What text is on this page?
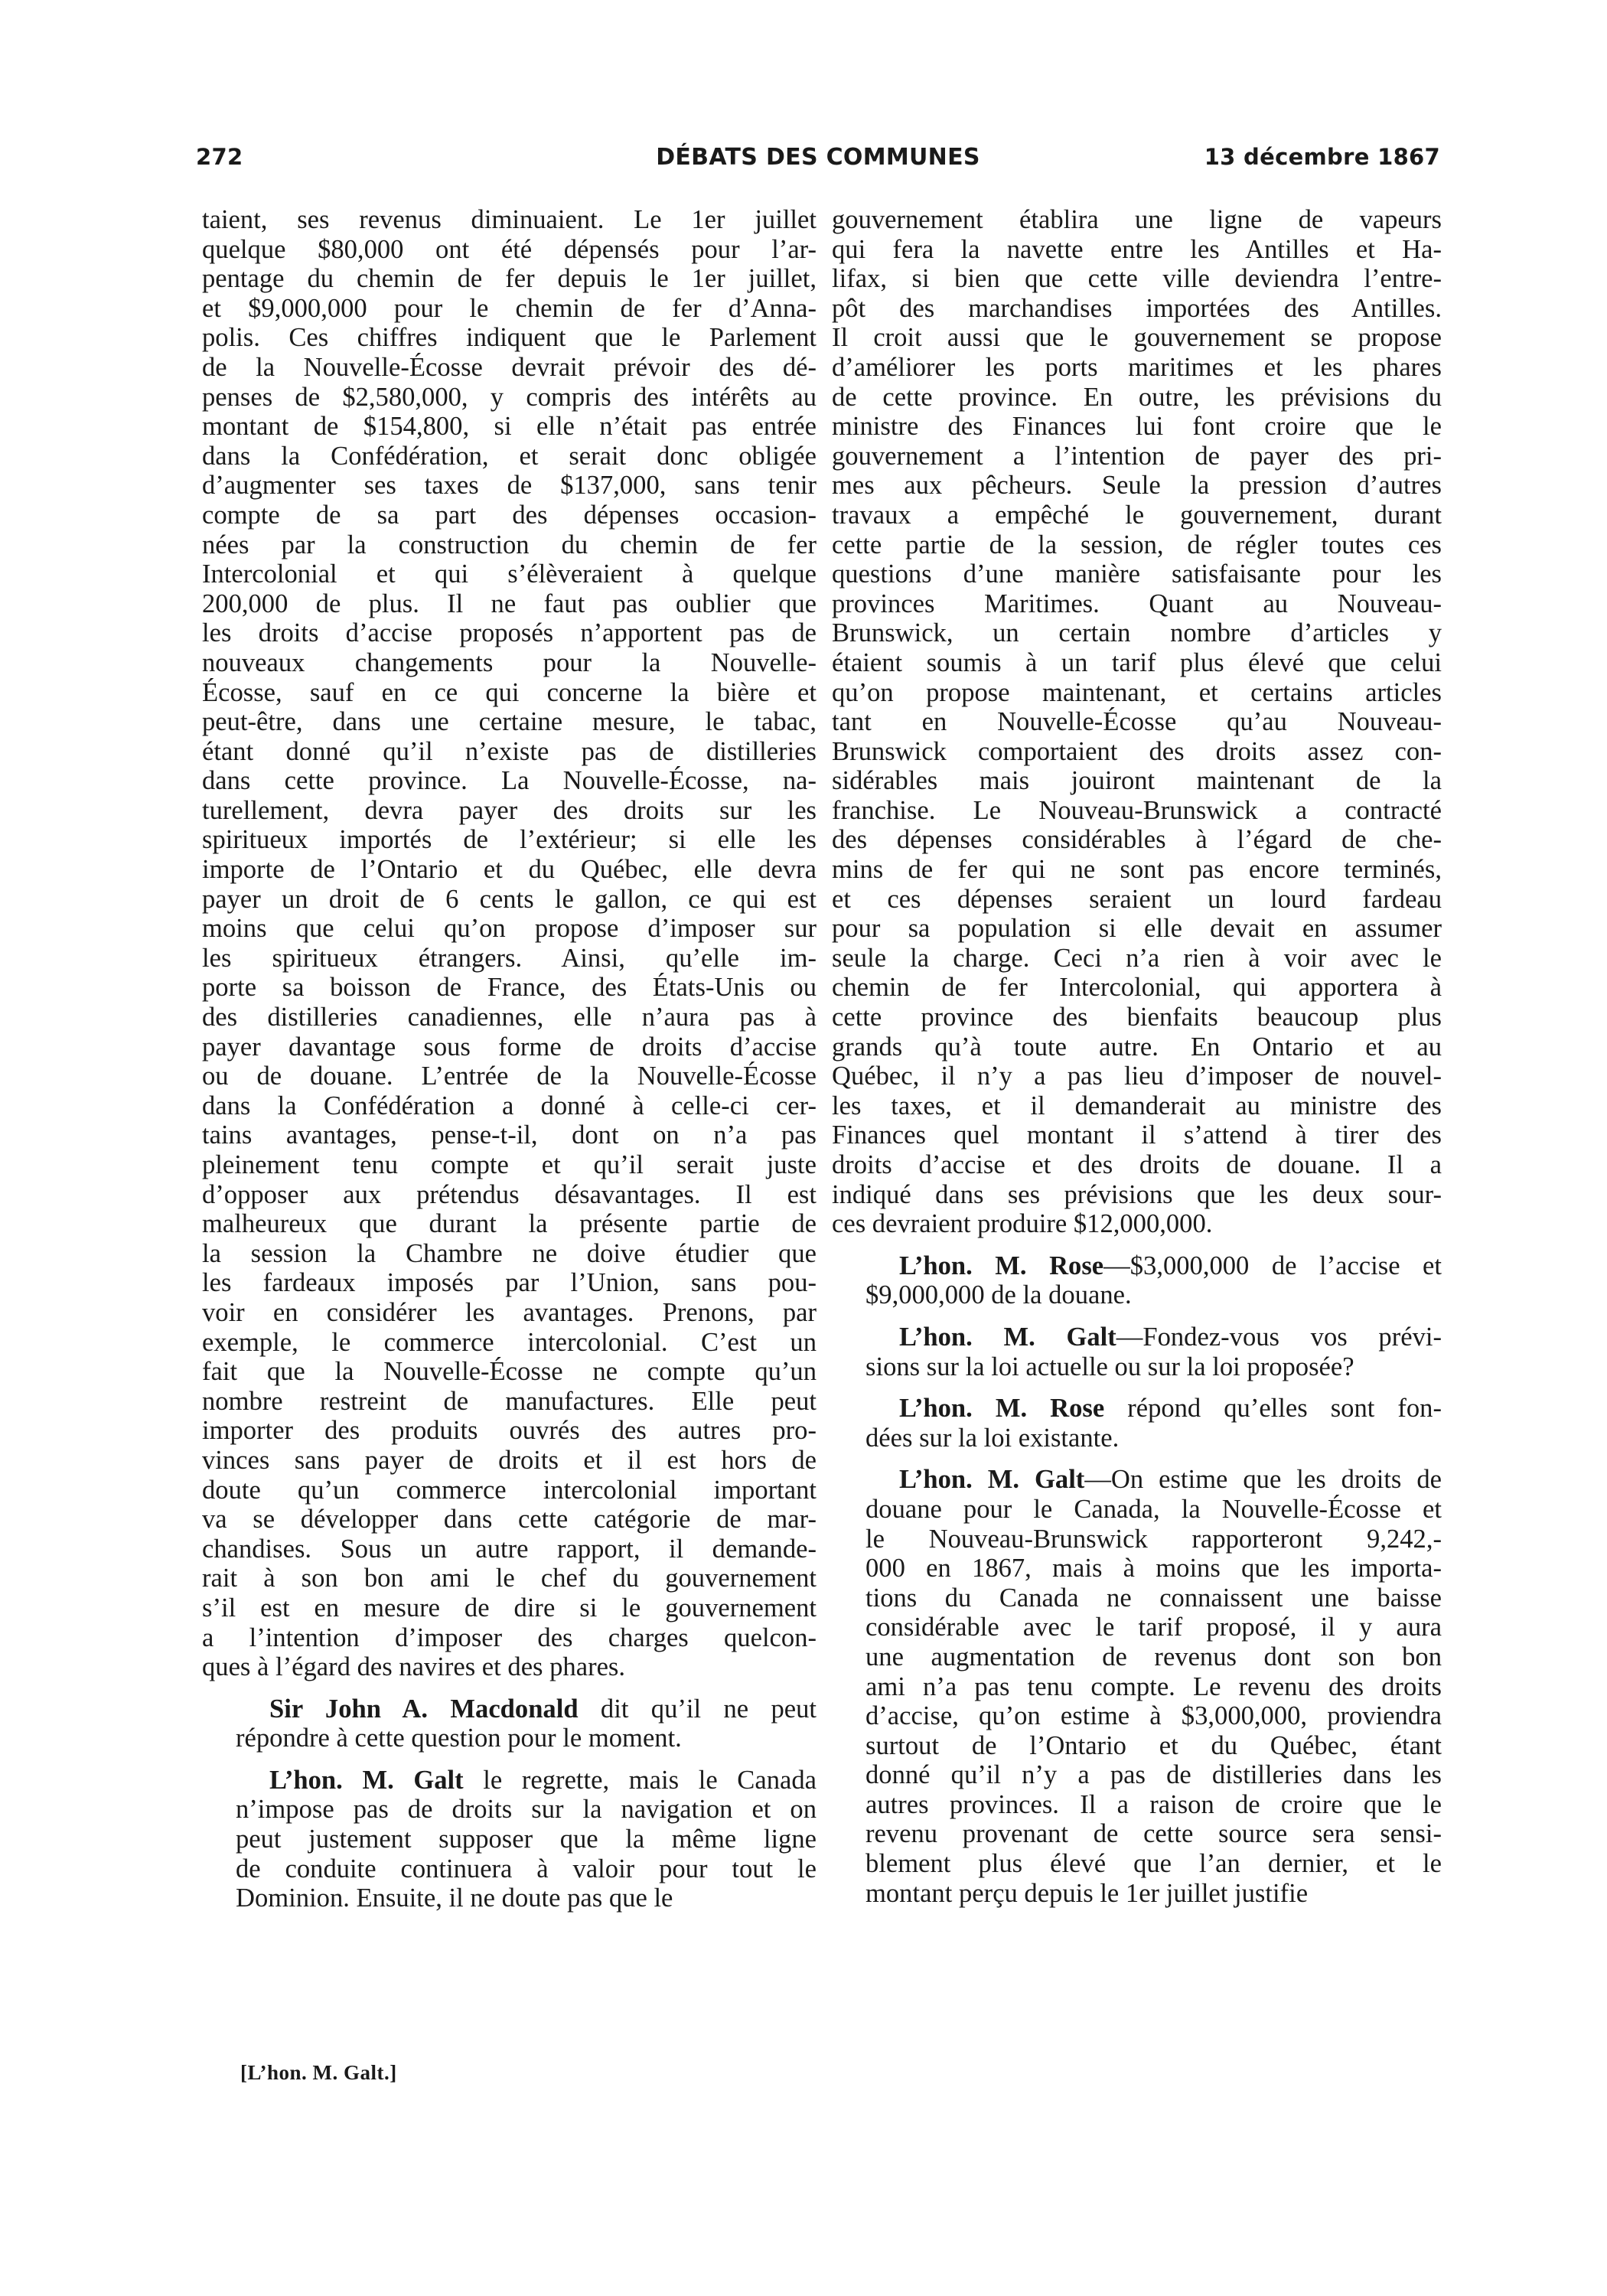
272	DÉBATS DES COMMUNES	13 décembre 1867

taient, ses revenus diminuaient. Le 1er juillet
quelque $80,000 ont été dépensés pour l’ar-
pentage du chemin de fer depuis le 1er juillet,
et $9,000,000 pour le chemin de fer d’Anna-
polis. Ces chiffres indiquent que le Parlement
de la Nouvelle-Écosse devrait prévoir des dé-
penses de $2,580,000, y compris des intérêts au
montant de $154,800, si elle n’était pas entrée
dans la Confédération, et serait donc obligée
d’augmenter ses taxes de $137,000, sans tenir
compte de sa part des dépenses occasion-
nées par la construction du chemin de fer
Intercolonial et qui s’élèveraient à quelque
200,000 de plus. Il ne faut pas oublier que
les droits d’accise proposés n’apportent pas de
nouveaux changements pour la Nouvelle-
Écosse, sauf en ce qui concerne la bière et
peut-être, dans une certaine mesure, le tabac,
étant donné qu’il n’existe pas de distilleries
dans cette province. La Nouvelle-Écosse, na-
turellement, devra payer des droits sur les
spiritueux importés de l’extérieur; si elle les
importe de l’Ontario et du Québec, elle devra
payer un droit de 6 cents le gallon, ce qui est
moins que celui qu’on propose d’imposer sur
les spiritueux étrangers. Ainsi, qu’elle im-
porte sa boisson de France, des États-Unis ou
des distilleries canadiennes, elle n’aura pas à
payer davantage sous forme de droits d’accise
ou de douane. L’entrée de la Nouvelle-Écosse
dans la Confédération a donné à celle-ci cer-
tains avantages, pense-t-il, dont on n’a pas
pleinement tenu compte et qu’il serait juste
d’opposer aux prétendus désavantages. Il est
malheureux que durant la présente partie de
la session la Chambre ne doive étudier que
les fardeaux imposés par l’Union, sans pou-
voir en considérer les avantages. Prenons, par
exemple, le commerce intercolonial. C’est un
fait que la Nouvelle-Écosse ne compte qu’un
nombre restreint de manufactures. Elle peut
importer des produits ouvrés des autres pro-
vinces sans payer de droits et il est hors de
doute qu’un commerce intercolonial important
va se développer dans cette catégorie de mar-
chandises. Sous un autre rapport, il demande-
rait à son bon ami le chef du gouvernement
s’il est en mesure de dire si le gouvernement
a l’intention d’imposer des charges quelcon-
ques à l’égard des navires et des phares.

Sir John A. Macdonald dit qu’il ne peut
répondre à cette question pour le moment.

L’hon. M. Galt le regrette, mais le Canada
n’impose pas de droits sur la navigation et on
peut justement supposer que la même ligne
de conduite continuera à valoir pour tout le
Dominion. Ensuite, il ne doute pas que le

gouvernement établira une ligne de vapeurs
qui fera la navette entre les Antilles et Ha-
lifax, si bien que cette ville deviendra l’entre-
pôt des marchandises importées des Antilles.
Il croit aussi que le gouvernement se propose
d’améliorer les ports maritimes et les phares
de cette province. En outre, les prévisions du
ministre des Finances lui font croire que le
gouvernement a l’intention de payer des pri-
mes aux pêcheurs. Seule la pression d’autres
travaux a empêché le gouvernement, durant
cette partie de la session, de régler toutes ces
questions d’une manière satisfaisante pour les
provinces Maritimes. Quant au Nouveau-
Brunswick, un certain nombre d’articles y
étaient soumis à un tarif plus élevé que celui
qu’on propose maintenant, et certains articles
tant en Nouvelle-Écosse qu’au Nouveau-
Brunswick comportaient des droits assez con-
sidérables mais jouiront maintenant de la
franchise. Le Nouveau-Brunswick a contracté
des dépenses considérables à l’égard de che-
mins de fer qui ne sont pas encore terminés,
et ces dépenses seraient un lourd fardeau
pour sa population si elle devait en assumer
seule la charge. Ceci n’a rien à voir avec le
chemin de fer Intercolonial, qui apportera à
cette province des bienfaits beaucoup plus
grands qu’à toute autre. En Ontario et au
Québec, il n’y a pas lieu d’imposer de nouvel-
les taxes, et il demanderait au ministre des
Finances quel montant il s’attend à tirer des
droits d’accise et des droits de douane. Il a
indiqué dans ses prévisions que les deux sour-
ces devraient produire $12,000,000.

L’hon. M. Rose—$3,000,000 de l’accise et
$9,000,000 de la douane.

L’hon. M. Galt—Fondez-vous vos prévi-
sions sur la loi actuelle ou sur la loi proposée?

L’hon. M. Rose répond qu’elles sont fon-
dées sur la loi existante.

L’hon. M. Galt—On estime que les droits de
douane pour le Canada, la Nouvelle-Écosse et
le Nouveau-Brunswick rapporteront 9,242,-
000 en 1867, mais à moins que les importa-
tions du Canada ne connaissent une baisse
considérable avec le tarif proposé, il y aura
une augmentation de revenus dont son bon
ami n’a pas tenu compte. Le revenu des droits
d’accise, qu’on estime à $3,000,000, proviendra
surtout de l’Ontario et du Québec, étant
donné qu’il n’y a pas de distilleries dans les
autres provinces. Il a raison de croire que le
revenu provenant de cette source sera sensi-
blement plus élevé que l’an dernier, et le
montant perçu depuis le 1er juillet justifie

[L’hon. M. Galt.]
